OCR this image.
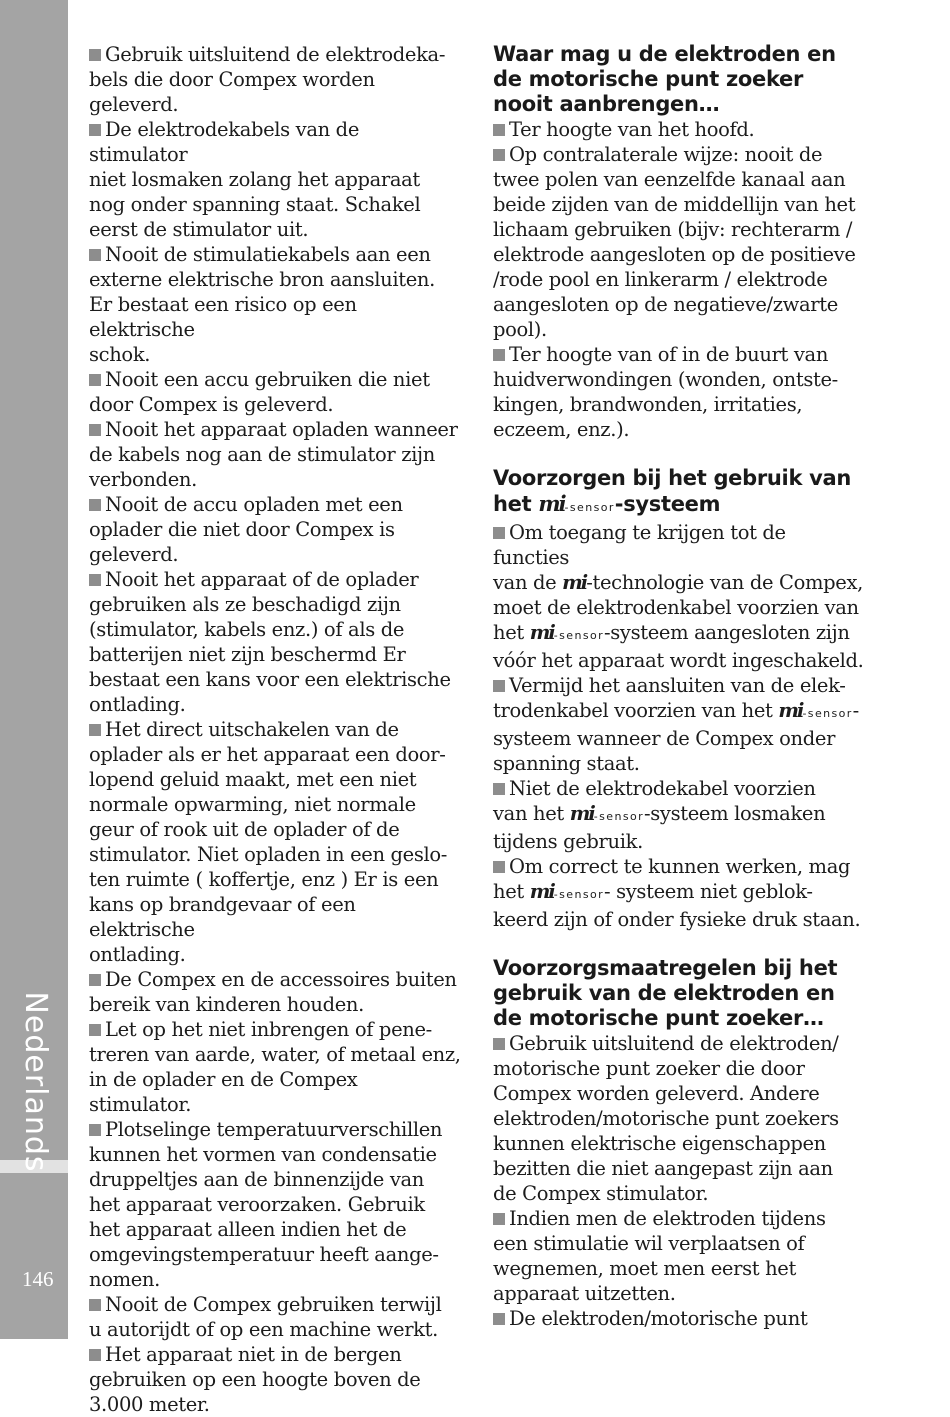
Nederlands
146

Gebruik uitsluitend de elektrodeka-
bels die door Compex worden geleverd.

De elektrodekabels van de stimulator
niet losmaken zolang het apparaat
nog onder spanning staat. Schakel
eerst de stimulator uit.

Nooit de stimulatiekabels aan een
externe elektrische bron aansluiten.
Er bestaat een risico op een elektrische
schok.

Nooit een accu gebruiken die niet
door Compex is geleverd.

Nooit het apparaat opladen wanneer
de kabels nog aan de stimulator zijn
verbonden.

Nooit de accu opladen met een
oplader die niet door Compex is
geleverd.

Nooit het apparaat of de oplader
gebruiken als ze beschadigd zijn
(stimulator, kabels enz.) of als de
batterijen niet zijn beschermd Er
bestaat een kans voor een elektrische
ontlading.

Het direct uitschakelen van de
oplader als er het apparaat een door-
lopend geluid maakt, met een niet
normale opwarming, niet normale
geur of rook uit de oplader of de
stimulator. Niet opladen in een geslo-
ten ruimte ( koffertje, enz ) Er is een
kans op brandgevaar of een elektrische
ontlading.

De Compex en de accessoires buiten
bereik van kinderen houden.

Let op het niet inbrengen of pene-
treren van aarde, water, of metaal enz,
in de oplader en de Compex stimulator.

Plotselinge temperatuurverschillen
kunnen het vormen van condensatie
druppeltjes aan de binnenzijde van
het apparaat veroorzaken. Gebruik
het apparaat alleen indien het de
omgevingstemperatuur heeft aange-
nomen.

Nooit de Compex gebruiken terwijl
u autorijdt of op een machine werkt.

Het apparaat niet in de bergen
gebruiken op een hoogte boven de
3.000 meter.

Waar mag u de elektroden en
de motorische punt zoeker
nooit aanbrengen…

Ter hoogte van het hoofd.

Op contralaterale wijze: nooit de
twee polen van eenzelfde kanaal aan
beide zijden van de middellijn van het
lichaam gebruiken (bijv: rechterarm /
elektrode aangesloten op de positieve
/rode pool en linkerarm / elektrode
aangesloten op de negatieve/zwarte
pool).

Ter hoogte van of in de buurt van
huidverwondingen (wonden, ontste-
kingen, brandwonden, irritaties,
eczeem, enz.).

Voorzorgen bij het gebruik van
het mi-sensor-systeem

Om toegang te krijgen tot de functies
van de mi-technologie van de Compex,
moet de elektrodenkabel voorzien van
het mi-sensor-systeem aangesloten zijn
vóór het apparaat wordt ingeschakeld.

Vermijd het aansluiten van de elek-
trodenkabel voorzien van het mi-sensor-
systeem wanneer de Compex onder
spanning staat.

Niet de elektrodekabel voorzien
van het mi-sensor-systeem losmaken
tijdens gebruik.

Om correct te kunnen werken, mag
het mi-sensor- systeem niet geblok-
keerd zijn of onder fysieke druk staan.

Voorzorgsmaatregelen bij het
gebruik van de elektroden en
de motorische punt zoeker…

Gebruik uitsluitend de elektroden/
motorische punt zoeker die door
Compex worden geleverd. Andere
elektroden/motorische punt zoekers
kunnen elektrische eigenschappen
bezitten die niet aangepast zijn aan
de Compex stimulator.

Indien men de elektroden tijdens
een stimulatie wil verplaatsen of
wegnemen, moet men eerst het
apparaat uitzetten.

De elektroden/motorische punt
